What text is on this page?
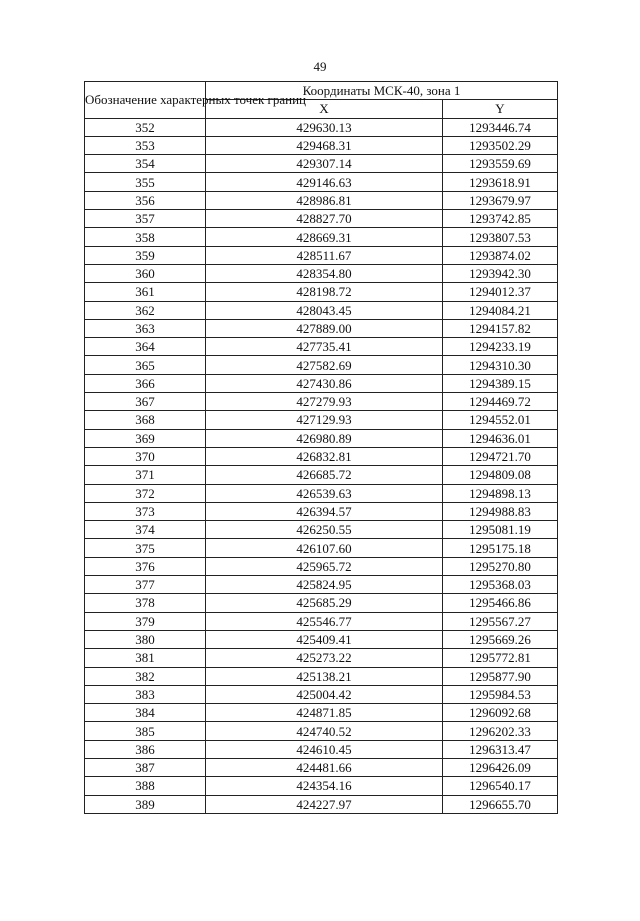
49
Обозначение характерных точек границ	Координаты МСК-40, зона 1	
	X	Y
352	429630.13	1293446.74
353	429468.31	1293502.29
354	429307.14	1293559.69
355	429146.63	1293618.91
356	428986.81	1293679.97
357	428827.70	1293742.85
358	428669.31	1293807.53
359	428511.67	1293874.02
360	428354.80	1293942.30
361	428198.72	1294012.37
362	428043.45	1294084.21
363	427889.00	1294157.82
364	427735.41	1294233.19
365	427582.69	1294310.30
366	427430.86	1294389.15
367	427279.93	1294469.72
368	427129.93	1294552.01
369	426980.89	1294636.01
370	426832.81	1294721.70
371	426685.72	1294809.08
372	426539.63	1294898.13
373	426394.57	1294988.83
374	426250.55	1295081.19
375	426107.60	1295175.18
376	425965.72	1295270.80
377	425824.95	1295368.03
378	425685.29	1295466.86
379	425546.77	1295567.27
380	425409.41	1295669.26
381	425273.22	1295772.81
382	425138.21	1295877.90
383	425004.42	1295984.53
384	424871.85	1296092.68
385	424740.52	1296202.33
386	424610.45	1296313.47
387	424481.66	1296426.09
388	424354.16	1296540.17
389	424227.97	1296655.70
